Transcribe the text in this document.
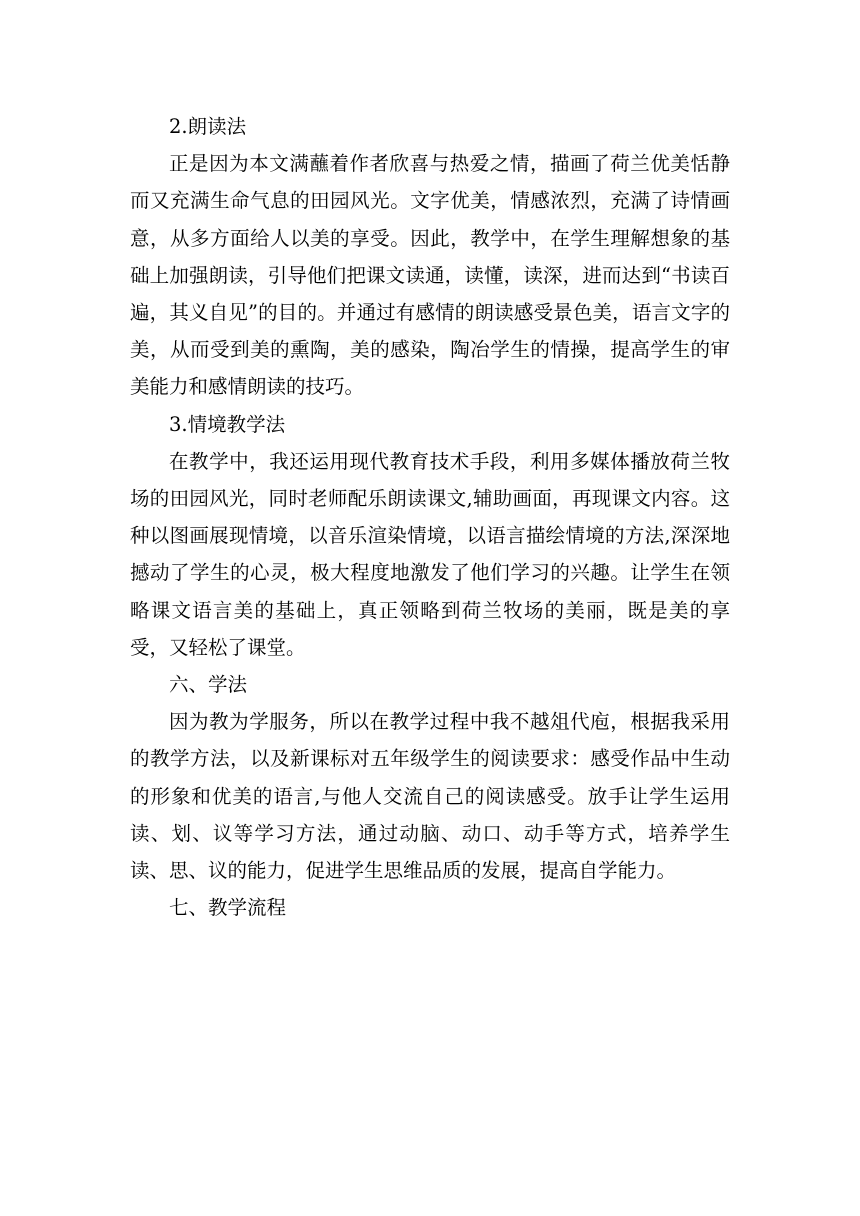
2.朗读法

正是因为本文满蘸着作者欣喜与热爱之情，描画了荷兰优美恬静而又充满生命气息的田园风光。文字优美，情感浓烈，充满了诗情画意，从多方面给人以美的享受。因此，教学中，在学生理解想象的基础上加强朗读，引导他们把课文读通，读懂，读深，进而达到“书读百遍，其义自见”的目的。并通过有感情的朗读感受景色美，语言文字的美，从而受到美的熏陶，美的感染，陶冶学生的情操，提高学生的审美能力和感情朗读的技巧。

3.情境教学法

在教学中，我还运用现代教育技术手段，利用多媒体播放荷兰牧场的田园风光，同时老师配乐朗读课文,辅助画面，再现课文内容。这种以图画展现情境，以音乐渲染情境，以语言描绘情境的方法,深深地撼动了学生的心灵，极大程度地激发了他们学习的兴趣。让学生在领略课文语言美的基础上，真正领略到荷兰牧场的美丽，既是美的享受，又轻松了课堂。

六、学法

因为教为学服务，所以在教学过程中我不越俎代庖，根据我采用的教学方法，以及新课标对五年级学生的阅读要求：感受作品中生动的形象和优美的语言,与他人交流自己的阅读感受。放手让学生运用读、划、议等学习方法，通过动脑、动口、动手等方式，培养学生读、思、议的能力，促进学生思维品质的发展，提高自学能力。

七、教学流程
